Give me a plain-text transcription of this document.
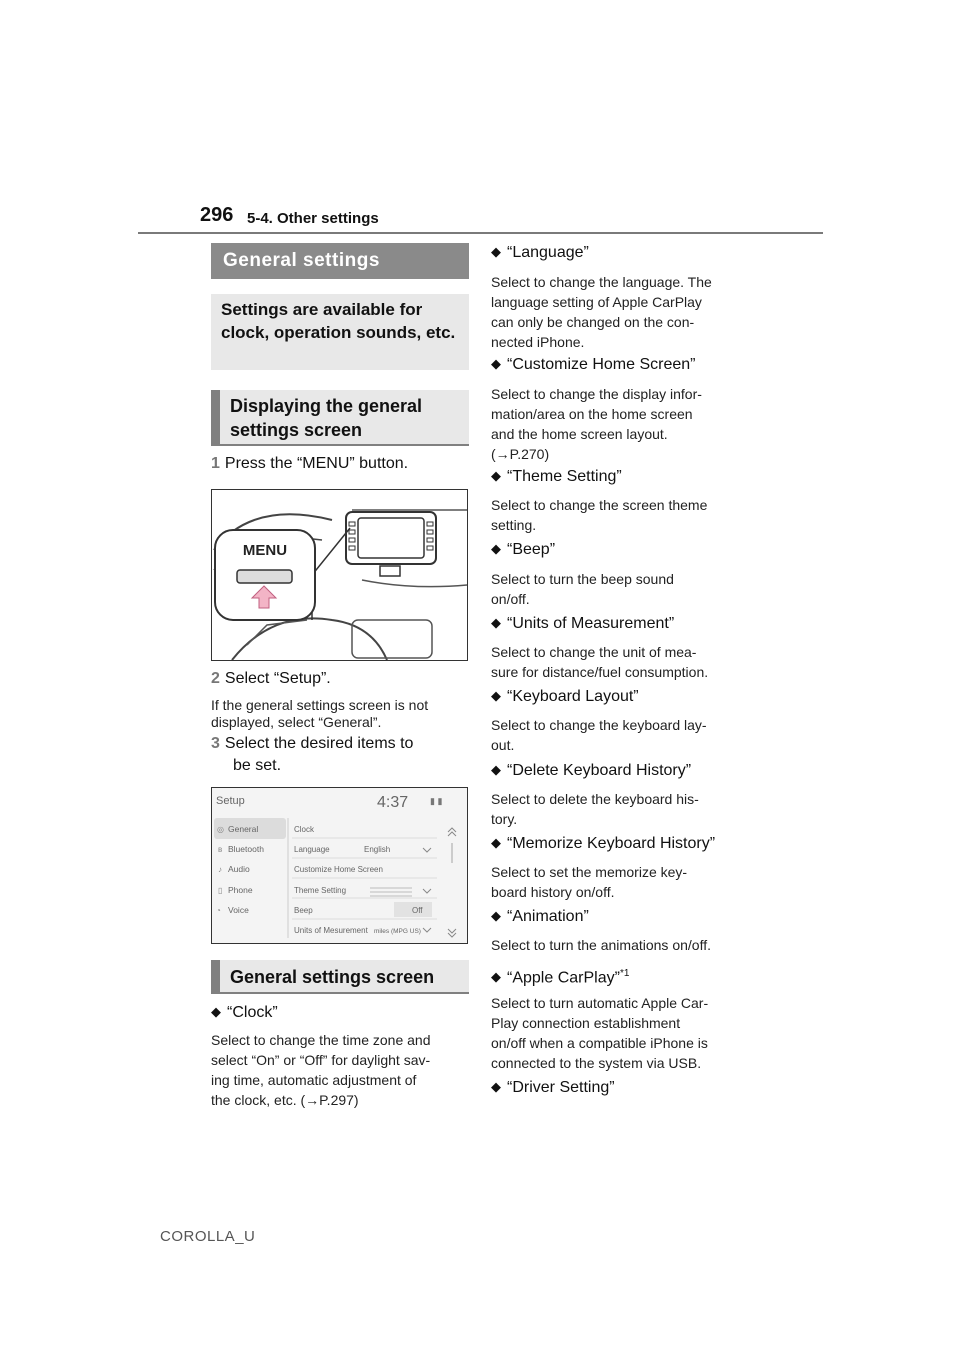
296 5-4. Other settings
General settings
Settings are available for clock, operation sounds, etc.
Displaying the general settings screen
1 Press the “MENU” button.
MENU
2 Select “Setup”.
If the general settings screen is not displayed, select “General”.
3 Select the desired items to
be set.
Setup	4:37 ▮ ▮
General
Bluetooth
Audio
Phone
Voice
◎
ʙ
♪
▯
◔
Clock
Language	English
Customize Home Screen
Theme Setting
Beep
Units of Mesurement
Off
miles (MPG US)
General settings screen
◆ “Clock”
Select to change the time zone and
select “On” or “Off” for daylight sav-
ing time, automatic adjustment of
the clock, etc. (→P.297)
◆ “Language”
Select to change the language. The
language setting of Apple CarPlay
can only be changed on the con-
nected iPhone.
◆ “Customize Home Screen”
Select to change the display infor-
mation/area on the home screen
and the home screen layout.
(→P.270)
◆ “Theme Setting”
Select to change the screen theme
setting.
◆ “Beep”
Select to turn the beep sound
on/off.
◆ “Units of Measurement”
Select to change the unit of mea-
sure for distance/fuel consumption.
◆ “Keyboard Layout”
Select to change the keyboard lay-
out.
◆ “Delete Keyboard History”
Select to delete the keyboard his-
tory.
◆ “Memorize Keyboard History”
Select to set the memorize key-
board history on/off.
◆ “Animation”
Select to turn the animations on/off.
◆ “Apple CarPlay”$^{*1}$
Select to turn automatic Apple Car-
Play connection establishment
on/off when a compatible iPhone is
connected to the system via USB.
◆ “Driver Setting”
COROLLA_U
